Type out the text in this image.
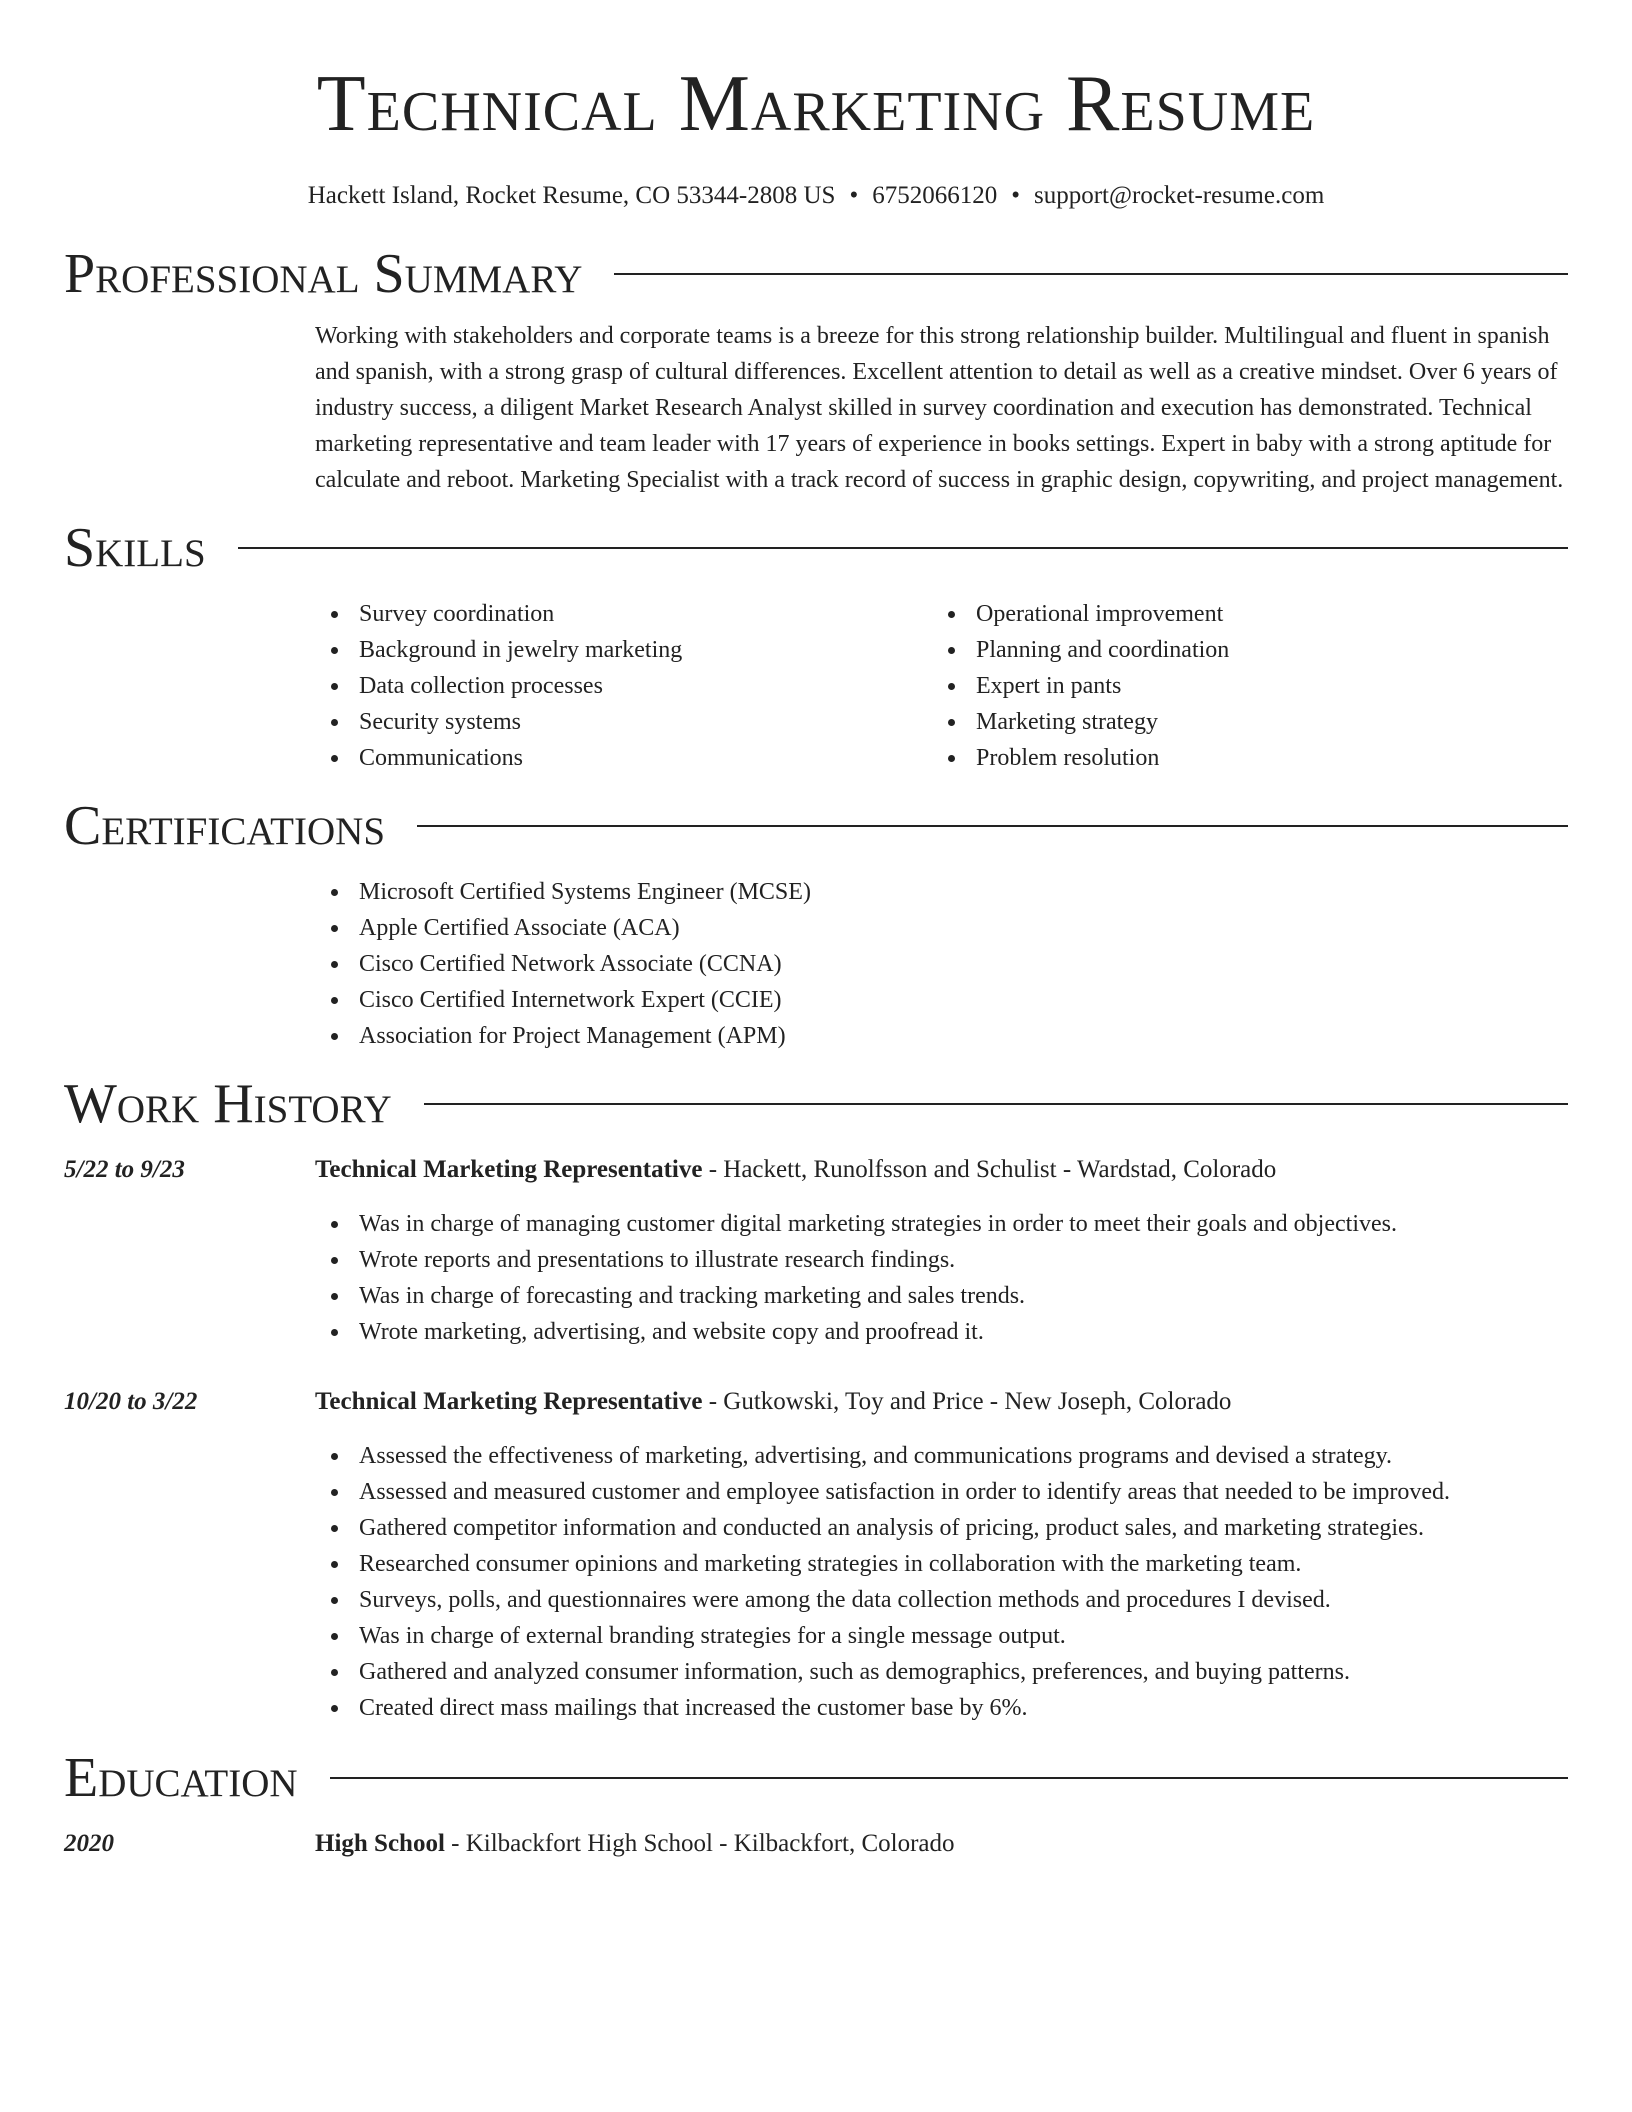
Technical Marketing Resume
Hackett Island, Rocket Resume, CO 53344-2808 US • 6752066120 • support@rocket-resume.com
Professional Summary

Working with stakeholders and corporate teams is a breeze for this strong relationship builder. Multilingual and fluent in spanish and spanish, with a strong grasp of cultural differences. Excellent attention to detail as well as a creative mindset. Over 6 years of industry success, a diligent Market Research Analyst skilled in survey coordination and execution has demonstrated. Technical marketing representative and team leader with 17 years of experience in books settings. Expert in baby with a strong aptitude for calculate and reboot. Marketing Specialist with a track record of success in graphic design, copywriting, and project management.

Skills
Survey coordination
Background in jewelry marketing
Data collection processes
Security systems
Communications
Operational improvement
Planning and coordination
Expert in pants
Marketing strategy
Problem resolution
Certifications
Microsoft Certified Systems Engineer (MCSE)
Apple Certified Associate (ACA)
Cisco Certified Network Associate (CCNA)
Cisco Certified Internetwork Expert (CCIE)
Association for Project Management (APM)
Work History
5/22 to 9/23	Technical Marketing Representative - Hackett, Runolfsson and Schulist - Wardstad, Colorado
Was in charge of managing customer digital marketing strategies in order to meet their goals and objectives.
Wrote reports and presentations to illustrate research findings.
Was in charge of forecasting and tracking marketing and sales trends.
Wrote marketing, advertising, and website copy and proofread it.
10/20 to 3/22	Technical Marketing Representative - Gutkowski, Toy and Price - New Joseph, Colorado
Assessed the effectiveness of marketing, advertising, and communications programs and devised a strategy.
Assessed and measured customer and employee satisfaction in order to identify areas that needed to be improved.
Gathered competitor information and conducted an analysis of pricing, product sales, and marketing strategies.
Researched consumer opinions and marketing strategies in collaboration with the marketing team.
Surveys, polls, and questionnaires were among the data collection methods and procedures I devised.
Was in charge of external branding strategies for a single message output.
Gathered and analyzed consumer information, such as demographics, preferences, and buying patterns.
Created direct mass mailings that increased the customer base by 6%.
Education
2020	High School - Kilbackfort High School - Kilbackfort, Colorado
